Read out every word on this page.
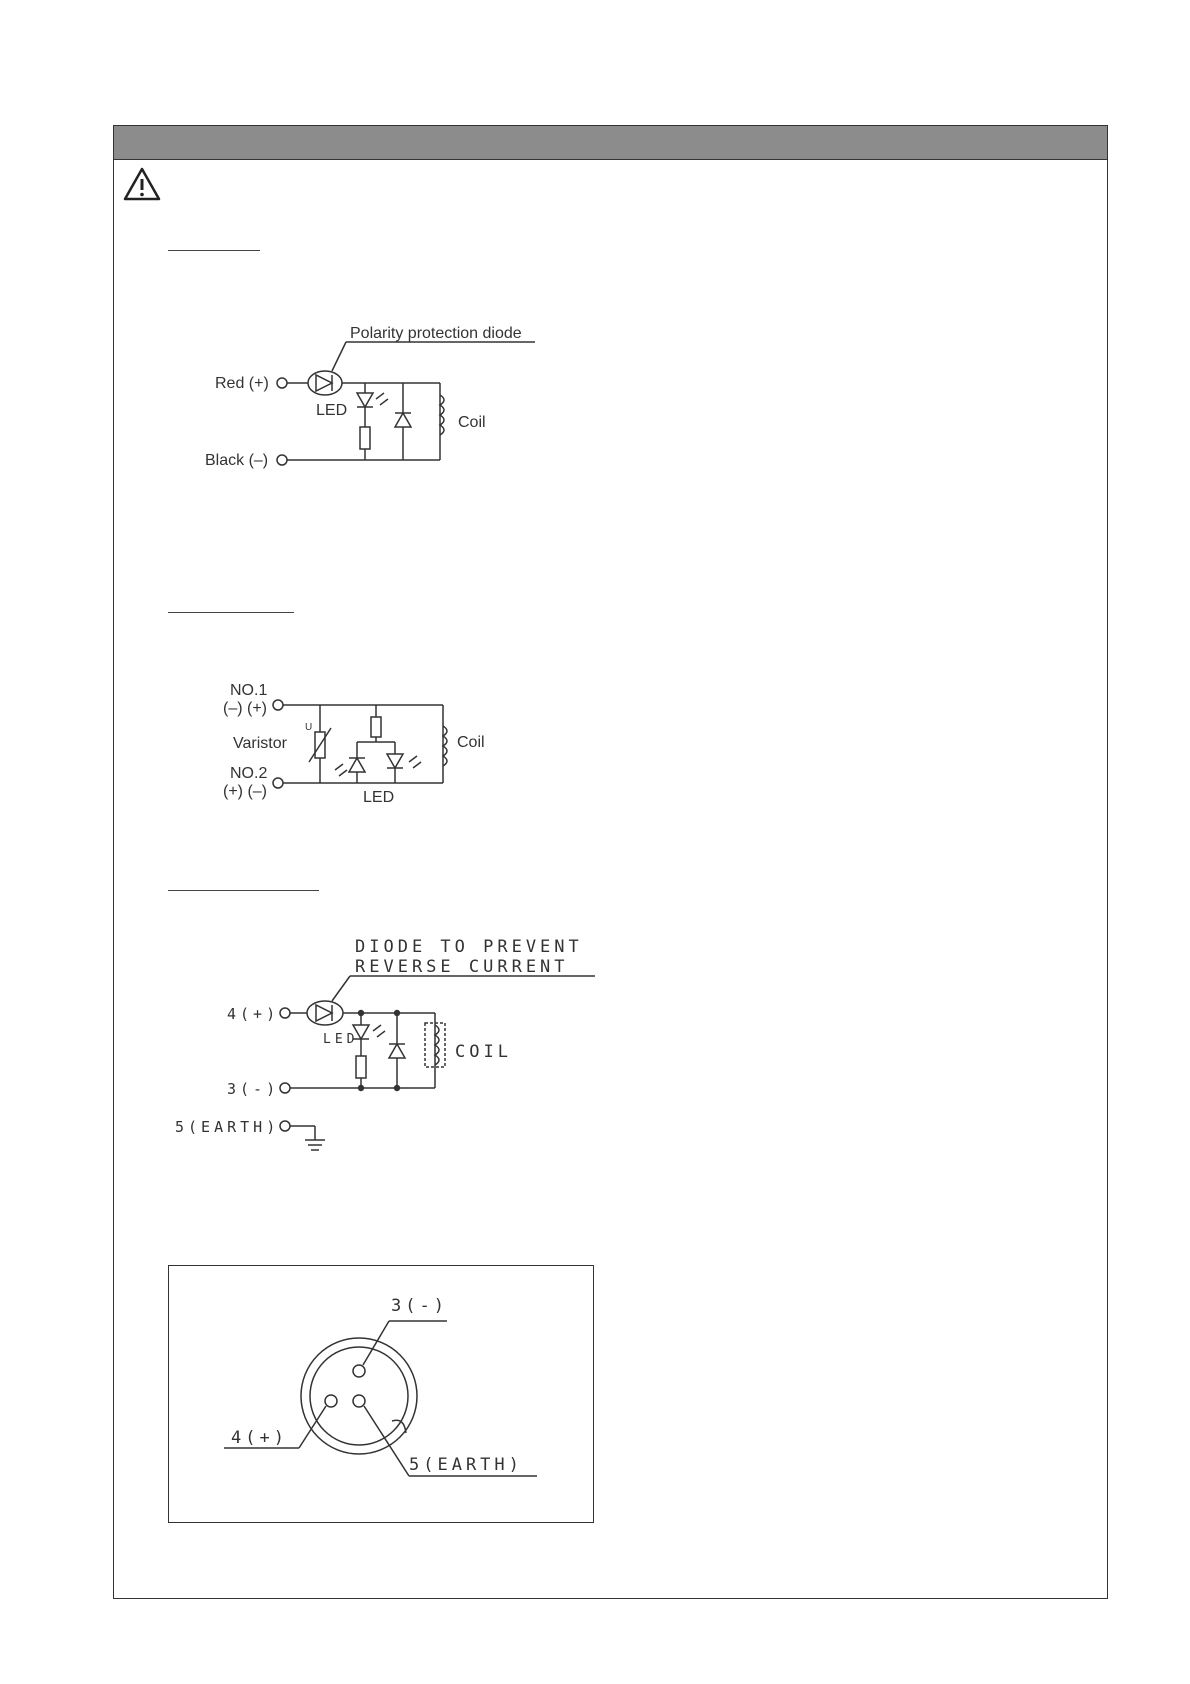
Polarity protection diode
Red (+)
Black (–)
LED
Coil
U
NO.1
(–) (+)
Varistor
NO.2
(+) (–)	LED
Coil
DIODE TO PREVENT
REVERSE CURRENT
4(+)
3(-)
5(EARTH)
LED
COIL
3(-)
4(+)
5(EARTH)
